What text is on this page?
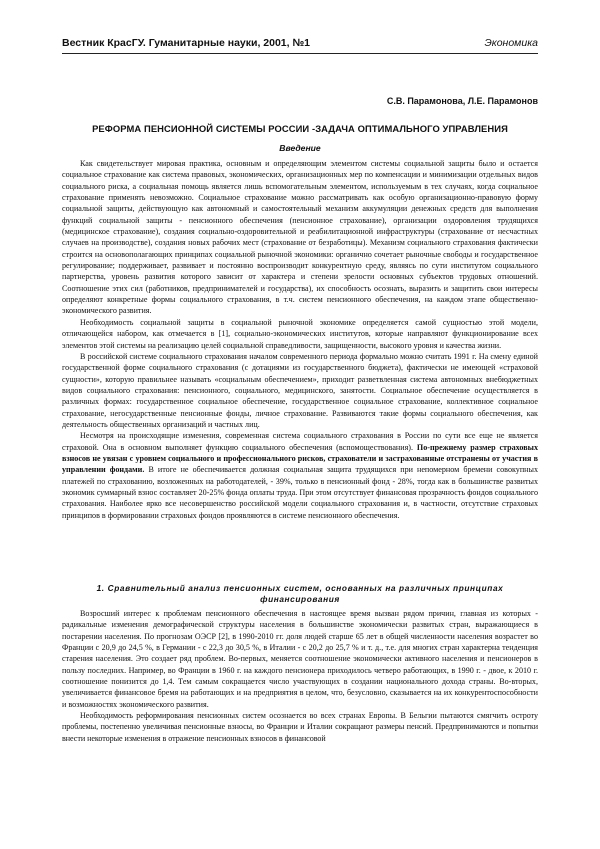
Вестник КрасГУ. Гуманитарные науки, 2001, №1	Экономика
С.В. Парамонова, Л.Е. Парамонов
РЕФОРМА ПЕНСИОННОЙ СИСТЕМЫ РОССИИ -ЗАДАЧА ОПТИМАЛЬНОГО УПРАВЛЕНИЯ
Введение

Как свидетельствует мировая практика, основным и определяющим элементом системы социальной защиты было и остается социальное страхование как система правовых, экономических, организационных мер по компенсации и минимизации отдельных видов социального риска, а социальная помощь является лишь вспомогательным элементом, используемым в тех случаях, когда социальное страхование применять невозможно. Социальное страхование можно рассматривать как особую организационно-правовую форму социальной защиты, действующую как автономный и самостоятельный механизм аккумуляции денежных средств для выполнения функций социальной защиты - пенсионного обеспечения (пенсионное страхование), организации оздоровления трудящихся (медицинское страхование), создания социально-оздоровительной и реабилитационной инфраструктуры (страхование от несчастных случаев на производстве), создания новых рабочих мест (страхование от безработицы). Механизм социального страхования фактически строится на основополагающих принципах социальной рыночной экономики: органично сочетает рыночные свободы и государственное регулирование; поддерживает, развивает и постоянно воспроизводит конкурентную среду, являясь по сути институтом социального партнерства, уровень развития которого зависит от характера и степени зрелости основных субъектов трудовых отношений. Соотношение этих сил (работников, предпринимателей и государства), их способность осознать, выразить и защитить свои интересы определяют конкретные формы социального страхования, в т.ч. систем пенсионного обеспечения, на каждом этапе общественно-экономического развития.

Необходимость социальной защиты в социальной рыночной экономике определяется самой сущностью этой модели, отличающейся набором, как отмечается в [1], социально-экономических институтов, которые направляют функционирование всех элементов этой системы на реализацию целей социальной справедливости, защищенности, высокого уровня и качества жизни.

В российской системе социального страхования началом современного периода формально можно считать 1991 г. На смену единой государственной форме социального страхования (с дотациями из государственного бюджета), фактически не имеющей «страховой сущности», которую правильнее называть «социальным обеспечением», приходит разветвленная система автономных внебюджетных видов социального страхования: пенсионного, социального, медицинского, занятости. Социальное обеспечение осуществляется в различных формах: государственное социальное обеспечение, государственное социальное страхование, коллективное социальное страхование, негосударственные пенсионные фонды, личное страхование. Развиваются такие формы социального обеспечения, как деятельность общественных организаций и частных лиц.

Несмотря на происходящие изменения, современная система социального страхования в России по сути все еще не является страховой. Она в основном выполняет функцию социального обеспечения (вспомоществования). По-прежнему размер страховых взносов не увязан с уровнем социального и профессионального рисков, страхователи и застрахованные отстранены от участия в управлении фондами. В итоге не обеспечивается должная социальная защита трудящихся при непомерном бремени совокупных платежей по страхованию, возложенных на работодателей, - 39%, только в пенсионный фонд - 28%, тогда как в большинстве развитых экономик суммарный взнос составляет 20-25% фонда оплаты труда. При этом отсутствует финансовая прозрачность фондов социального страхования. Наиболее ярко все несовершенство российской модели социального страхования и, в частности, отсутствие страховых принципов в формировании страховых фондов проявляются в системе пенсионного обеспечения.

1. Сравнительный анализ пенсионных систем, основанных на различных принципах финансирования

Возросший интерес к проблемам пенсионного обеспечения в настоящее время вызван рядом причин, главная из которых - радикальные изменения демографической структуры населения в большинстве экономически развитых стран, выражающиеся в постарении населения. По прогнозам ОЭСР [2], в 1990-2010 гг. доля людей старше 65 лет в общей численности населения возрастет во Франции с 20,9 до 24,5 %, в Германии - с 22,3 до 30,5 %, в Италии - с 20,2 до 25,7 % и т. д., т.е. для многих стран характерна тенденция старения населения. Это создает ряд проблем. Во-первых, меняется соотношение экономически активного населения и пенсионеров в пользу последних. Например, во Франции в 1960 г. на каждого пенсионера приходилось четверо работающих, в 1990 г. - двое, к 2010 г. соотношение понизится до 1,4. Тем самым сокращается число участвующих в создании национального дохода страны. Во-вторых, увеличивается финансовое бремя на работающих и на предприятия в целом, что, безусловно, сказывается на их конкурентоспособности и возможностях экономического развития.

Необходимость реформирования пенсионных систем осознается во всех странах Европы. В Бельгии пытаются смягчить остроту проблемы, постепенно увеличивая пенсионные взносы, во Франции и Италии сокращают размеры пенсий. Предпринимаются и попытки внести некоторые изменения в отражение пенсионных взносов в финансовой
